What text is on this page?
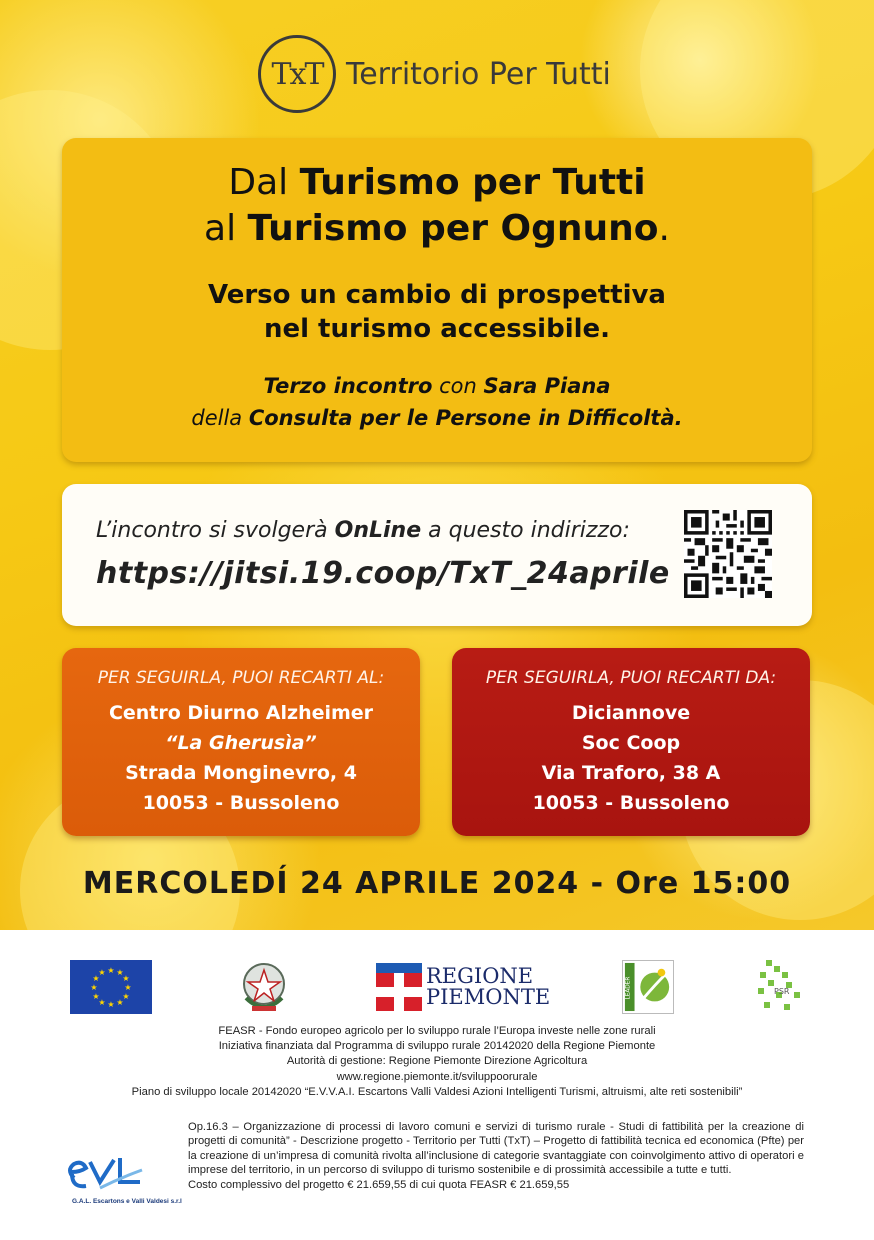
TxT Territorio Per Tutti
Dal Turismo per Tutti
al Turismo per Ognuno.
Verso un cambio di prospettiva
nel turismo accessibile.
Terzo incontro con Sara Piana
della Consulta per le Persone in Difficoltà.
L’incontro si svolgerà OnLine a questo indirizzo:
https://jitsi.19.coop/TxT_24aprile
PER SEGUIRLA, PUOI RECARTI AL:
Centro Diurno Alzheimer
“La Gherusìa”
Strada Monginevro, 4
10053 - Bussoleno
PER SEGUIRLA, PUOI RECARTI DA:
Diciannove
Soc Coop
Via Traforo, 38 A
10053 - Bussoleno
MERCOLEDÍ 24 APRILE 2024 - Ore 15:00
★ ★
★
★
★
★
★
★
★
★
★
★	REGIONE
PIEMONTE	LEADER	PSR
FEASR - Fondo europeo agricolo per lo sviluppo rurale l’Europa investe nelle zone rurali
Iniziativa finanziata dal Programma di sviluppo rurale 20142020 della Regione Piemonte
Autorità di gestione: Regione Piemonte Direzione Agricoltura
www.regione.piemonte.it/sviluppoorurale
Piano di sviluppo locale 20142020 “E.V.V.A.I. Escartons Valli Valdesi Azioni Intelligenti Turismi, altruismi, alte reti sostenibili”
G.A.L. Escartons e Valli Valdesi s.r.l
Op.16.3 – Organizzazione di processi di lavoro comuni e servizi di turismo rurale - Studi di fattibilità per la creazione di progetti di comunità” - Descrizione progetto - Territorio per Tutti (TxT) – Progetto di fattibilità tecnica ed economica (Pfte) per la creazione di un’impresa di comunità rivolta all’inclusione di categorie svantaggiate con coinvolgimento attivo di operatori e imprese del territorio, in un percorso di sviluppo di turismo sostenibile e di prossimità accessibile a tutte e tutti.
Costo complessivo del progetto € 21.659,55 di cui quota FEASR € 21.659,55
